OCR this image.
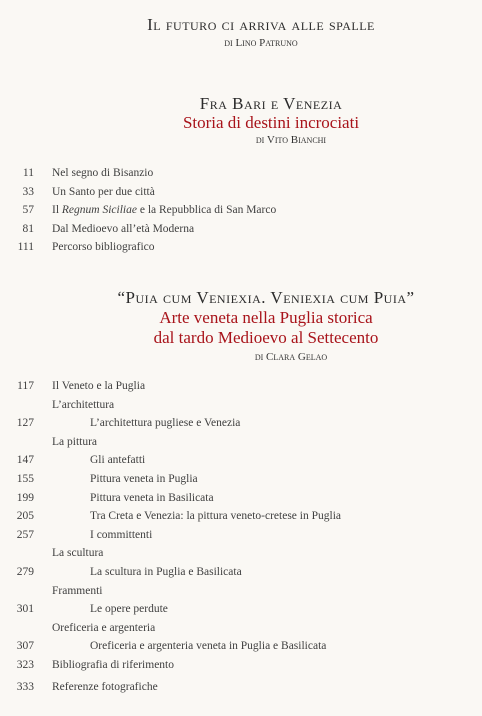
Il futuro ci arriva alle spalle
di Lino Patruno
Fra Bari e Venezia
Storia di destini incrociati
di Vito Bianchi
11 Nel segno di Bisanzio
33 Un Santo per due città
57 Il Regnum Siciliae e la Repubblica di San Marco
81 Dal Medioevo all’età Moderna
111 Percorso bibliografico
“Puia cum Veniexia. Veniexia cum Puia”
Arte veneta nella Puglia storica
dal tardo Medioevo al Settecento
di Clara Gelao
117 Il Veneto e la Puglia
L’architettura
127	L’architettura pugliese e Venezia
La pittura
147	Gli antefatti
155	Pittura veneta in Puglia
199	Pittura veneta in Basilicata
205	Tra Creta e Venezia: la pittura veneto-cretese in Puglia
257	I committenti
La scultura
279	La scultura in Puglia e Basilicata
Frammenti
301	Le opere perdute
Oreficeria e argenteria
307	Oreficeria e argenteria veneta in Puglia e Basilicata
323 Bibliografia di riferimento
333 Referenze fotografiche
